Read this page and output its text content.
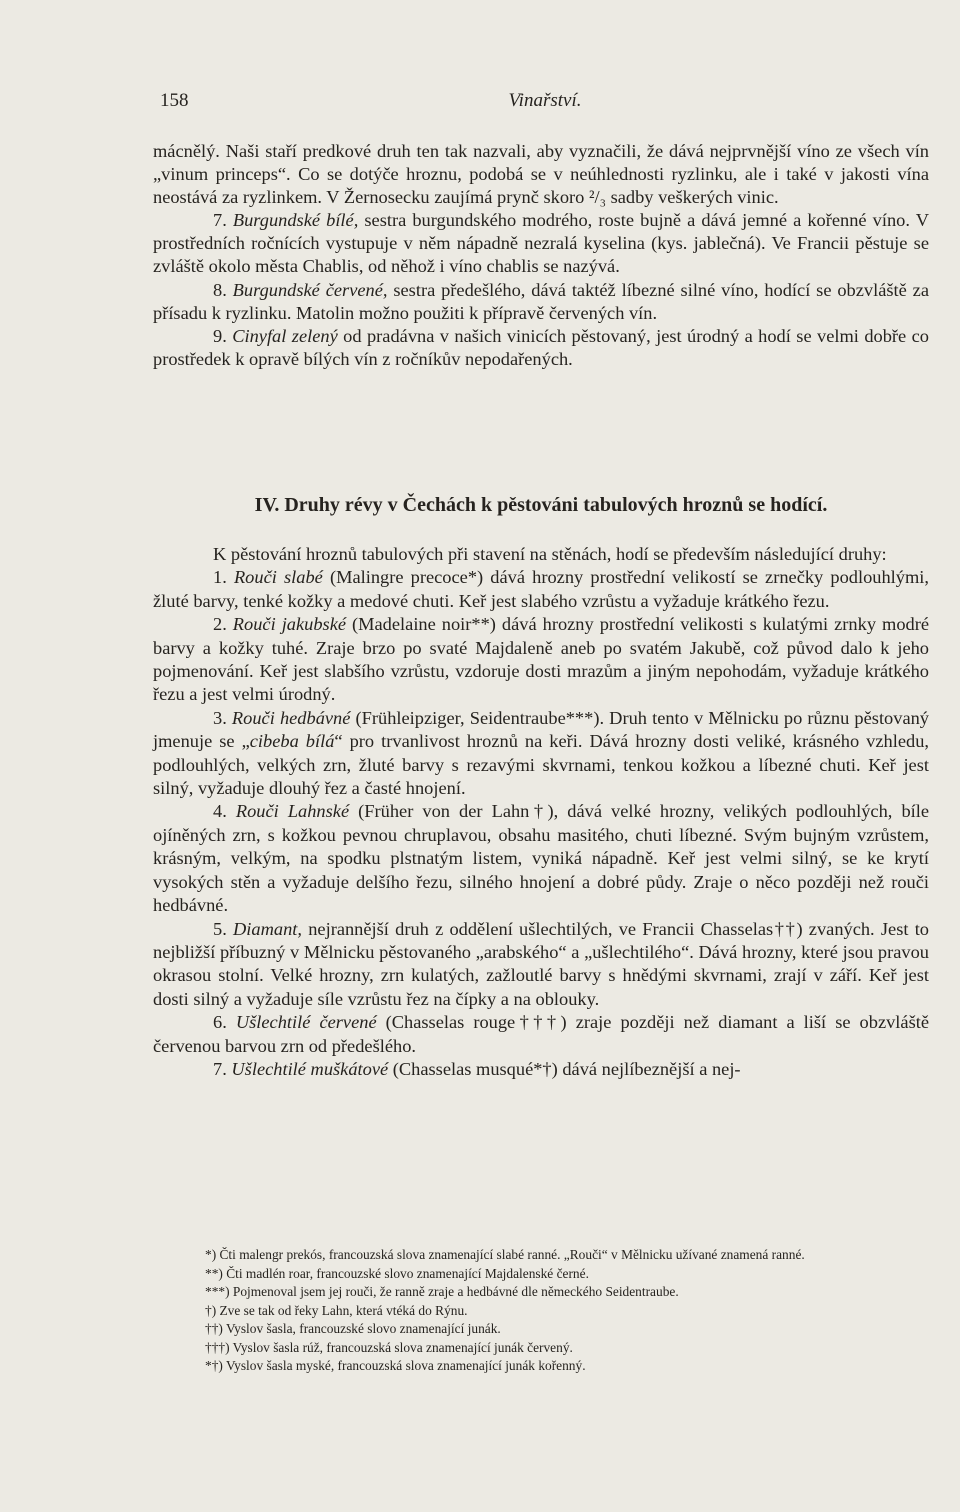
158	Vinařství.

mácnělý. Naši staří predkové druh ten tak nazvali, aby vyznačili, že dává nejprvnější víno ze všech vín „vinum princeps“. Co se dotýče hroznu, podobá se v neúhlednosti ryzlinku, ale i také v jakosti vína neostává za ryzlinkem. V Žernosecku zaujímá prynč skoro ²/₃ sadby veškerých vinic.

7. Burgundské bílé, sestra burgundského modrého, roste bujně a dává jemné a kořenné víno. V prostředních ročnících vystupuje v něm nápadně nezralá kyselina (kys. jablečná). Ve Francii pěstuje se zvláště okolo města Chablis, od něhož i víno chablis se nazývá.

8. Burgundské červené, sestra předešlého, dává taktéž líbezné silné víno, hodící se obzvláště za přísadu k ryzlinku. Matolin možno použiti k přípravě červených vín.

9. Cinyfal zelený od pradávna v našich vinicích pěstovaný, jest úrodný a hodí se velmi dobře co prostředek k opravě bílých vín z ročníkův nepodařených.

IV. Druhy révy v Čechách k pěstováni tabulových hroznů se hodící.

K pěstování hroznů tabulových při stavení na stěnách, hodí se především následující druhy:

1. Rouči slabé (Malingre precoce*) dává hrozny prostřední velikostí se zrnečky podlouhlými, žluté barvy, tenké kožky a medové chuti. Keř jest slabého vzrůstu a vyžaduje krátkého řezu.

2. Rouči jakubské (Madelaine noir**) dává hrozny prostřední velikosti s kulatými zrnky modré barvy a kožky tuhé. Zraje brzo po svaté Majdaleně aneb po svatém Jakubě, což původ dalo k jeho pojmenování. Keř jest slabšího vzrůstu, vzdoruje dosti mrazům a jiným nepohodám, vyžaduje krátkého řezu a jest velmi úrodný.

3. Rouči hedbávné (Frühleipziger, Seidentraube***). Druh tento v Mělnicku po různu pěstovaný jmenuje se „cibeba bílá“ pro trvanlivost hroznů na keři. Dává hrozny dosti veliké, krásného vzhledu, podlouhlých, velkých zrn, žluté barvy s rezavými skvrnami, tenkou kožkou a líbezné chuti. Keř jest silný, vyžaduje dlouhý řez a časté hnojení.

4. Rouči Lahnské (Früher von der Lahn†), dává velké hrozny, velikých podlouhlých, bíle ojíněných zrn, s kožkou pevnou chruplavou, obsahu masitého, chuti líbezné. Svým bujným vzrůstem, krásným, velkým, na spodku plstnatým listem, vyniká nápadně. Keř jest velmi silný, se ke krytí vysokých stěn a vyžaduje delšího řezu, silného hnojení a dobré půdy. Zraje o něco později než rouči hedbávné.

5. Diamant, nejrannější druh z oddělení ušlechtilých, ve Francii Chasselas††) zvaných. Jest to nejbližší příbuzný v Mělnicku pěstovaného „arabského“ a „ušlechtilého“. Dává hrozny, které jsou pravou okrasou stolní. Velké hrozny, zrn kulatých, zažloutlé barvy s hnědými skvrnami, zrají v září. Keř jest dosti silný a vyžaduje síle vzrůstu řez na čípky a na oblouky.

6. Ušlechtilé červené (Chasselas rouge†††) zraje později než diamant a liší se obzvláště červenou barvou zrn od předešlého.

7. Ušlechtilé muškátové (Chasselas musqué*†) dává nejlíbeznější a nej-

*) Čti malengr prekós, francouzská slova znamenající slabé ranné. „Rouči“ v Mělnicku užívané znamená ranné.

**) Čti madlén roar, francouzské slovo znamenající Majdalenské černé.

***) Pojmenoval jsem jej rouči, že ranně zraje a hedbávné dle německého Seidentraube.

†) Zve se tak od řeky Lahn, která vtéká do Rýnu.

††) Vyslov šasla, francouzské slovo znamenající junák.

†††) Vyslov šasla rúž, francouzská slova znamenající junák červený.

*†) Vyslov šasla myské, francouzská slova znamenající junák kořenný.
